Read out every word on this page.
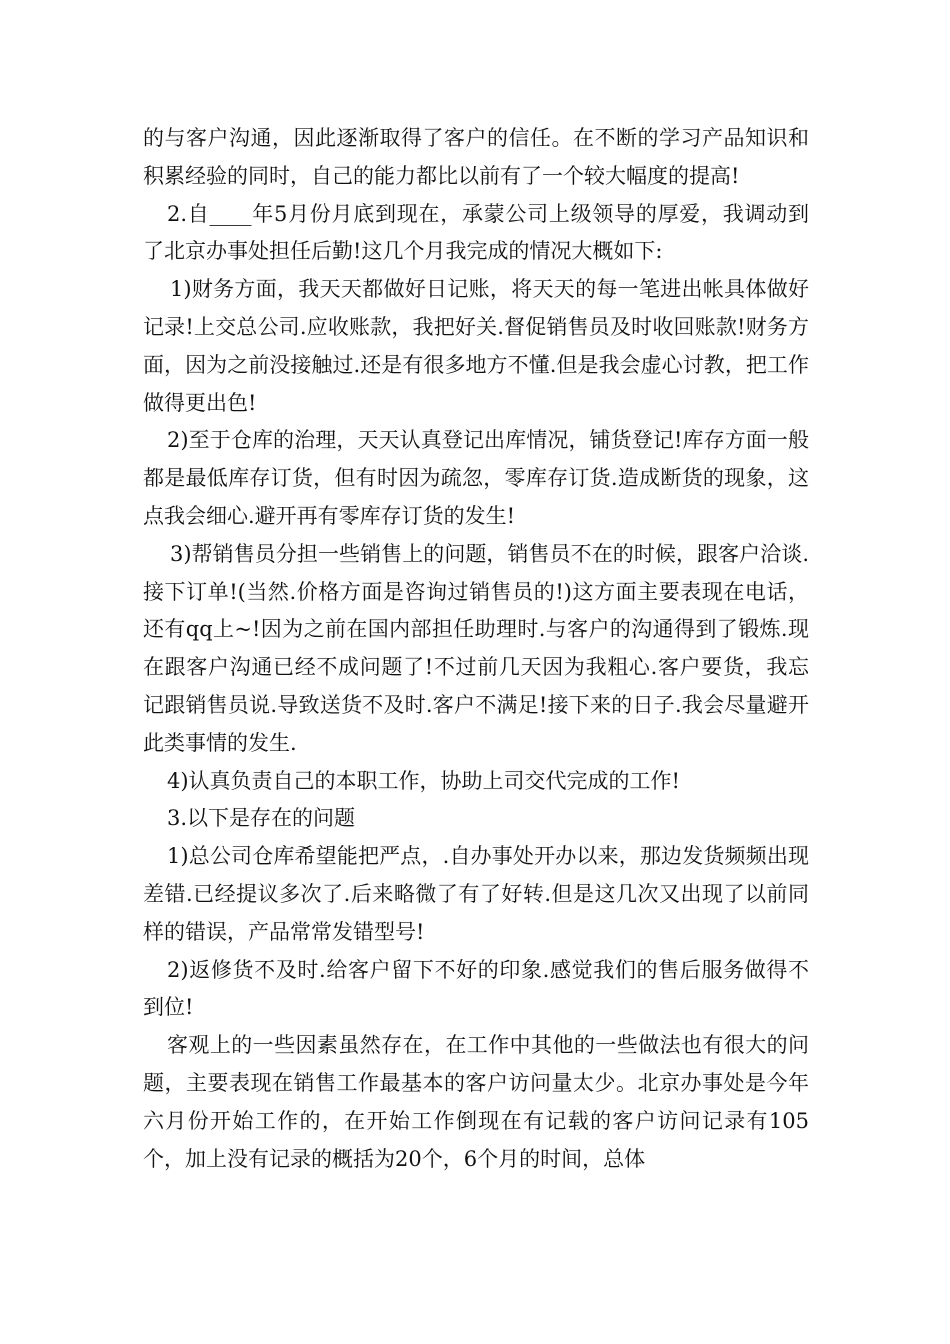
的与客户沟通，因此逐渐取得了客户的信任。在不断的学习产品知识和积累经验的同时，自己的能力都比以前有了一个较大幅度的提高!

2.自____年5月份月底到现在，承蒙公司上级领导的厚爱，我调动到了北京办事处担任后勤!这几个月我完成的情况大概如下:

1)财务方面，我天天都做好日记账，将天天的每一笔进出帐具体做好记录!上交总公司.应收账款，我把好关.督促销售员及时收回账款!财务方面，因为之前没接触过.还是有很多地方不懂.但是我会虚心讨教，把工作做得更出色!

2)至于仓库的治理，天天认真登记出库情况，铺货登记!库存方面一般都是最低库存订货，但有时因为疏忽，零库存订货.造成断货的现象，这点我会细心.避开再有零库存订货的发生!

3)帮销售员分担一些销售上的问题，销售员不在的时候，跟客户洽谈.接下订单!(当然.价格方面是咨询过销售员的!)这方面主要表现在电话，还有qq上~!因为之前在国内部担任助理时.与客户的沟通得到了锻炼.现在跟客户沟通已经不成问题了!不过前几天因为我粗心.客户要货，我忘记跟销售员说.导致送货不及时.客户不满足!接下来的日子.我会尽量避开此类事情的发生.

4)认真负责自己的本职工作，协助上司交代完成的工作!

3.以下是存在的问题

1)总公司仓库希望能把严点，.自办事处开办以来，那边发货频频出现差错.已经提议多次了.后来略微了有了好转.但是这几次又出现了以前同样的错误，产品常常发错型号!

2)返修货不及时.给客户留下不好的印象.感觉我们的售后服务做得不到位!

客观上的一些因素虽然存在，在工作中其他的一些做法也有很大的问题，主要表现在销售工作最基本的客户访问量太少。北京办事处是今年六月份开始工作的，在开始工作倒现在有记载的客户访问记录有105个，加上没有记录的概括为20个，6个月的时间，总体
